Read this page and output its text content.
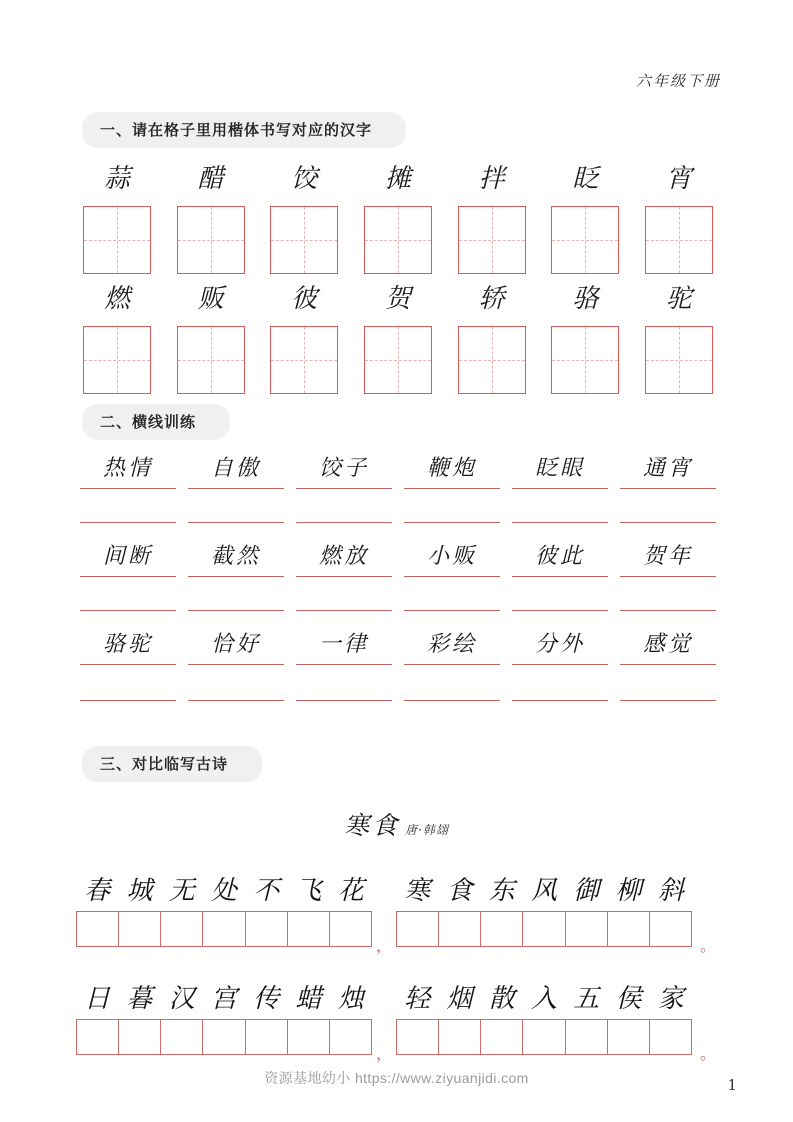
六年级下册
一、请在格子里用楷体书写对应的汉字
蒜	醋	饺	摊	拌	眨	宵
燃	贩	彼	贺	轿	骆	驼
二、横线训练
热情	自傲	饺子	鞭炮	眨眼	通宵
间断	截然	燃放	小贩	彼此	贺年
骆驼	恰好	一律	彩绘	分外	感觉
三、对比临写古诗
寒食 唐·韩翃
春 城 无 处 不 飞 花	寒 食 东 风 御 柳 斜
，	。
日 暮 汉 宫 传 蜡 烛	轻 烟 散 入 五 侯 家
，	。
资源基地幼小 https://www.ziyuanjidi.com	1
